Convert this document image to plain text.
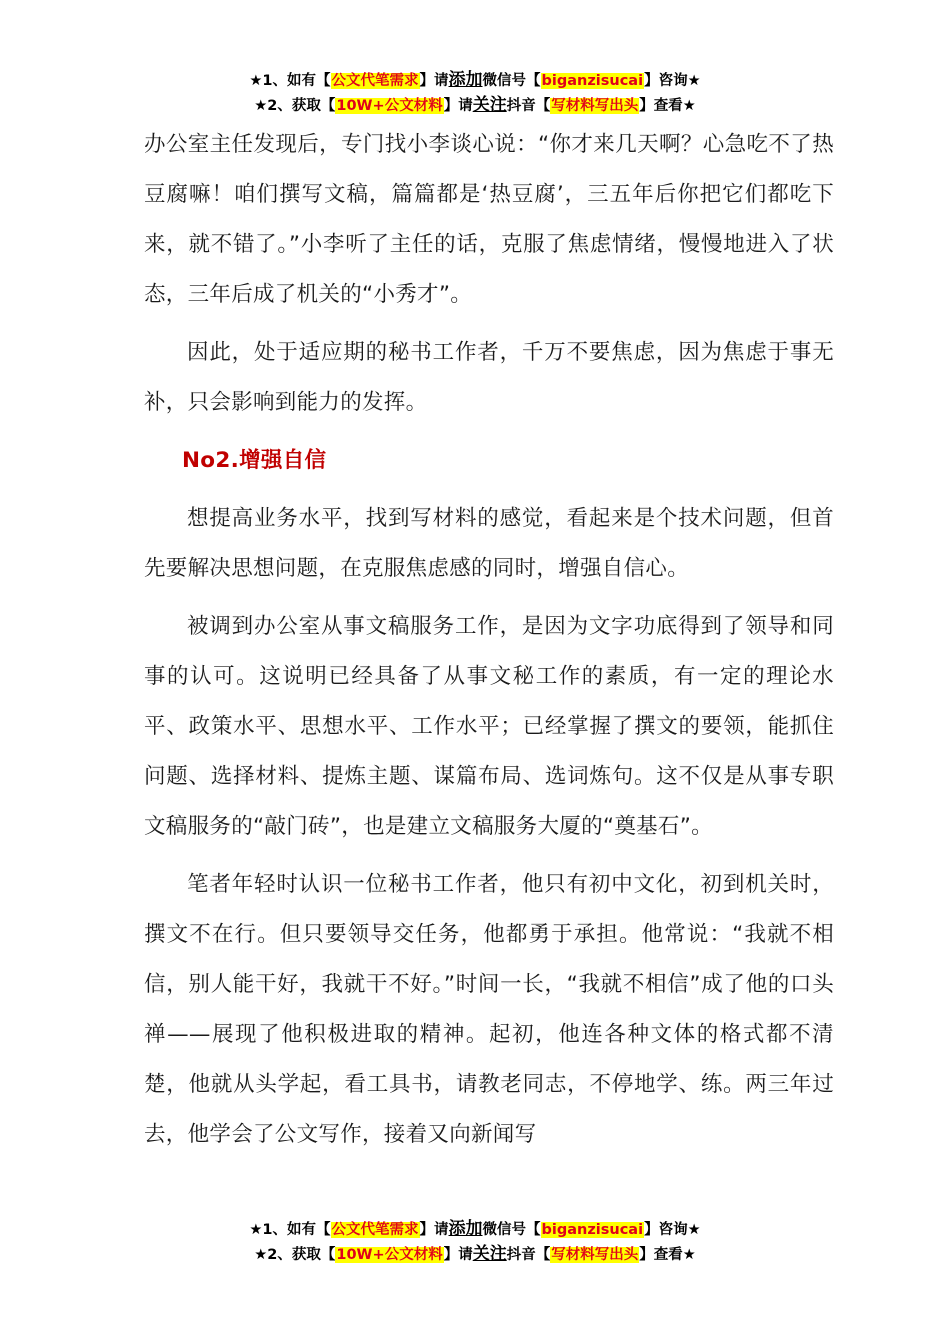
★1、如有【公文代笔需求】请添加微信号【biganzisucai】咨询★
★2、获取【10W+公文材料】请关注抖音【写材料写出头】查看★

办公室主任发现后，专门找小李谈心说：“你才来几天啊？心急吃不了热豆腐嘛！咱们撰写文稿，篇篇都是‘热豆腐’，三五年后你把它们都吃下来，就不错了。”小李听了主任的话，克服了焦虑情绪，慢慢地进入了状态，三年后成了机关的“小秀才”。

因此，处于适应期的秘书工作者，千万不要焦虑，因为焦虑于事无补，只会影响到能力的发挥。

No2.增强自信

想提高业务水平，找到写材料的感觉，看起来是个技术问题，但首先要解决思想问题，在克服焦虑感的同时，增强自信心。

被调到办公室从事文稿服务工作，是因为文字功底得到了领导和同事的认可。这说明已经具备了从事文秘工作的素质，有一定的理论水平、政策水平、思想水平、工作水平；已经掌握了撰文的要领，能抓住问题、选择材料、提炼主题、谋篇布局、选词炼句。这不仅是从事专职文稿服务的“敲门砖”，也是建立文稿服务大厦的“奠基石”。

笔者年轻时认识一位秘书工作者，他只有初中文化，初到机关时，撰文不在行。但只要领导交任务，他都勇于承担。他常说：“我就不相信，别人能干好，我就干不好。”时间一长，“我就不相信”成了他的口头禅——展现了他积极进取的精神。起初，他连各种文体的格式都不清楚，他就从头学起，看工具书，请教老同志，不停地学、练。两三年过去，他学会了公文写作，接着又向新闻写

★1、如有【公文代笔需求】请添加微信号【biganzisucai】咨询★
★2、获取【10W+公文材料】请关注抖音【写材料写出头】查看★
